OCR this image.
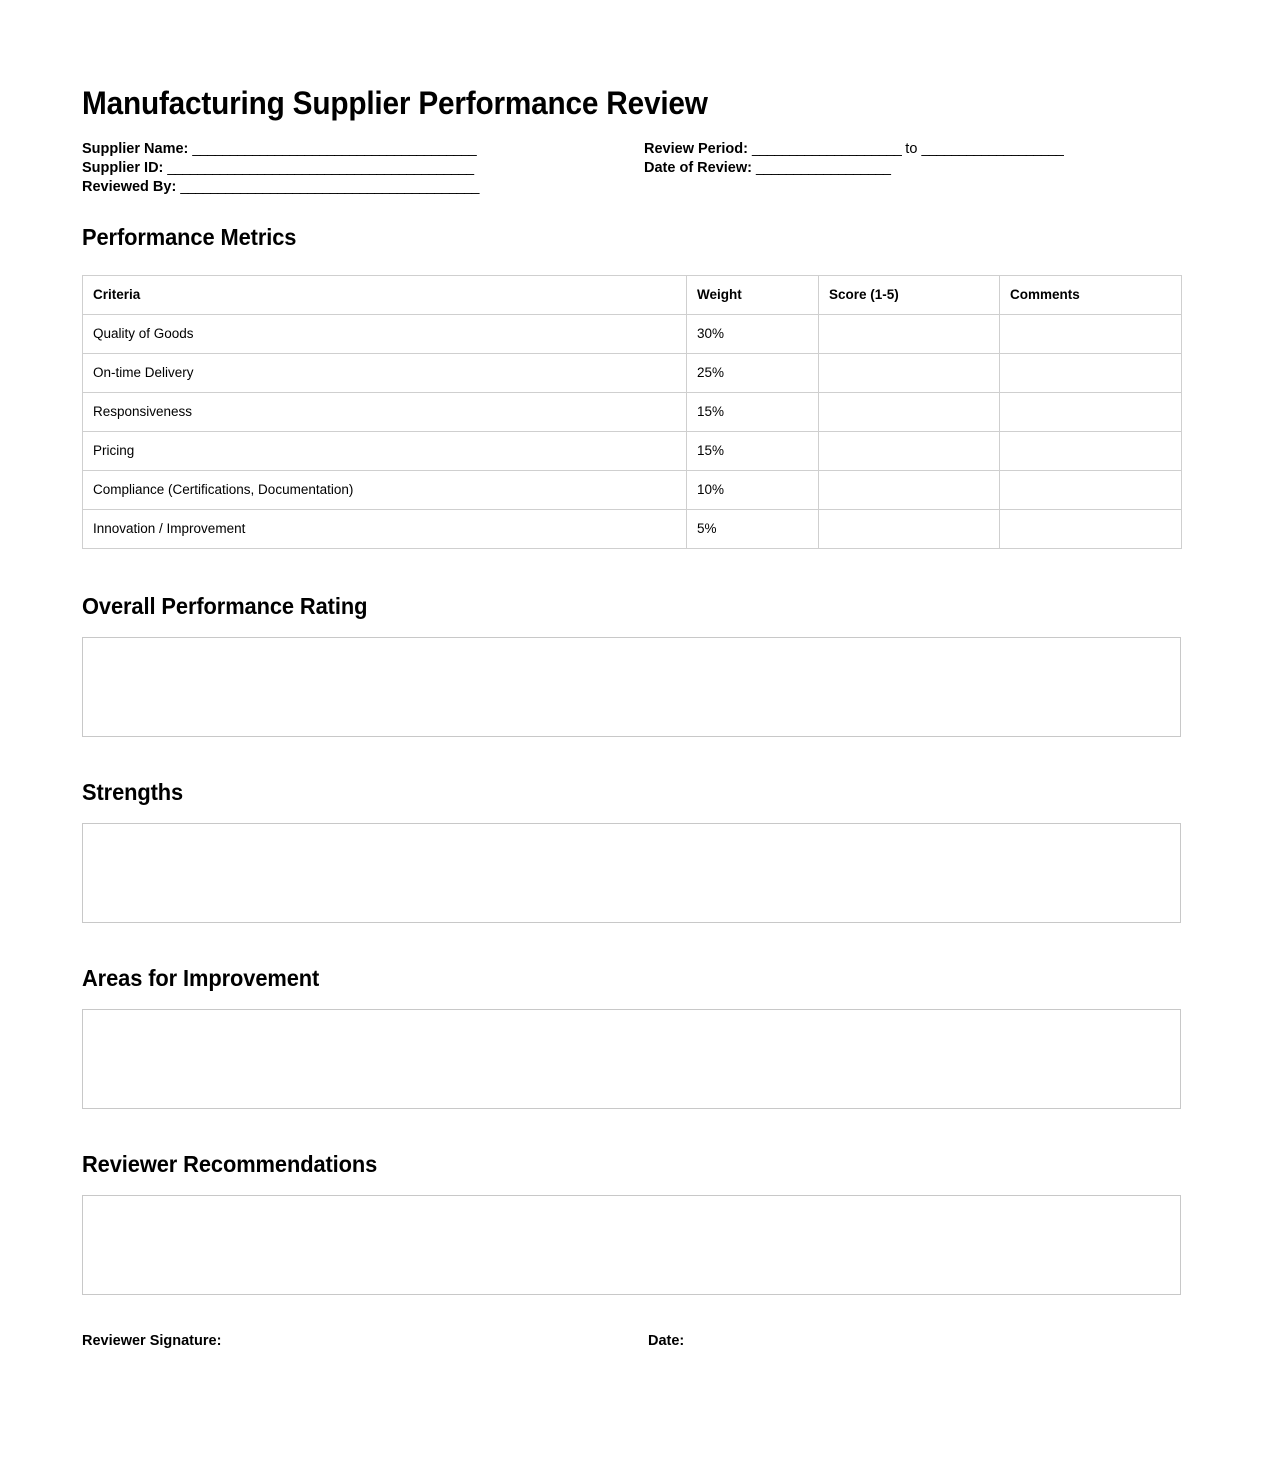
Manufacturing Supplier Performance Review
Supplier Name: ______________________________________
Supplier ID: _________________________________________
Reviewed By: ________________________________________
Review Period: ____________________ to ___________________
Date of Review: __________________
Performance Metrics
Criteria	Weight	Score (1-5)	Comments
Quality of Goods	30%		
On-time Delivery	25%		
Responsiveness	15%		
Pricing	15%		
Compliance (Certifications, Documentation)	10%		
Innovation / Improvement	5%		
Overall Performance Rating
Strengths
Areas for Improvement
Reviewer Recommendations
Reviewer Signature:	Date:
